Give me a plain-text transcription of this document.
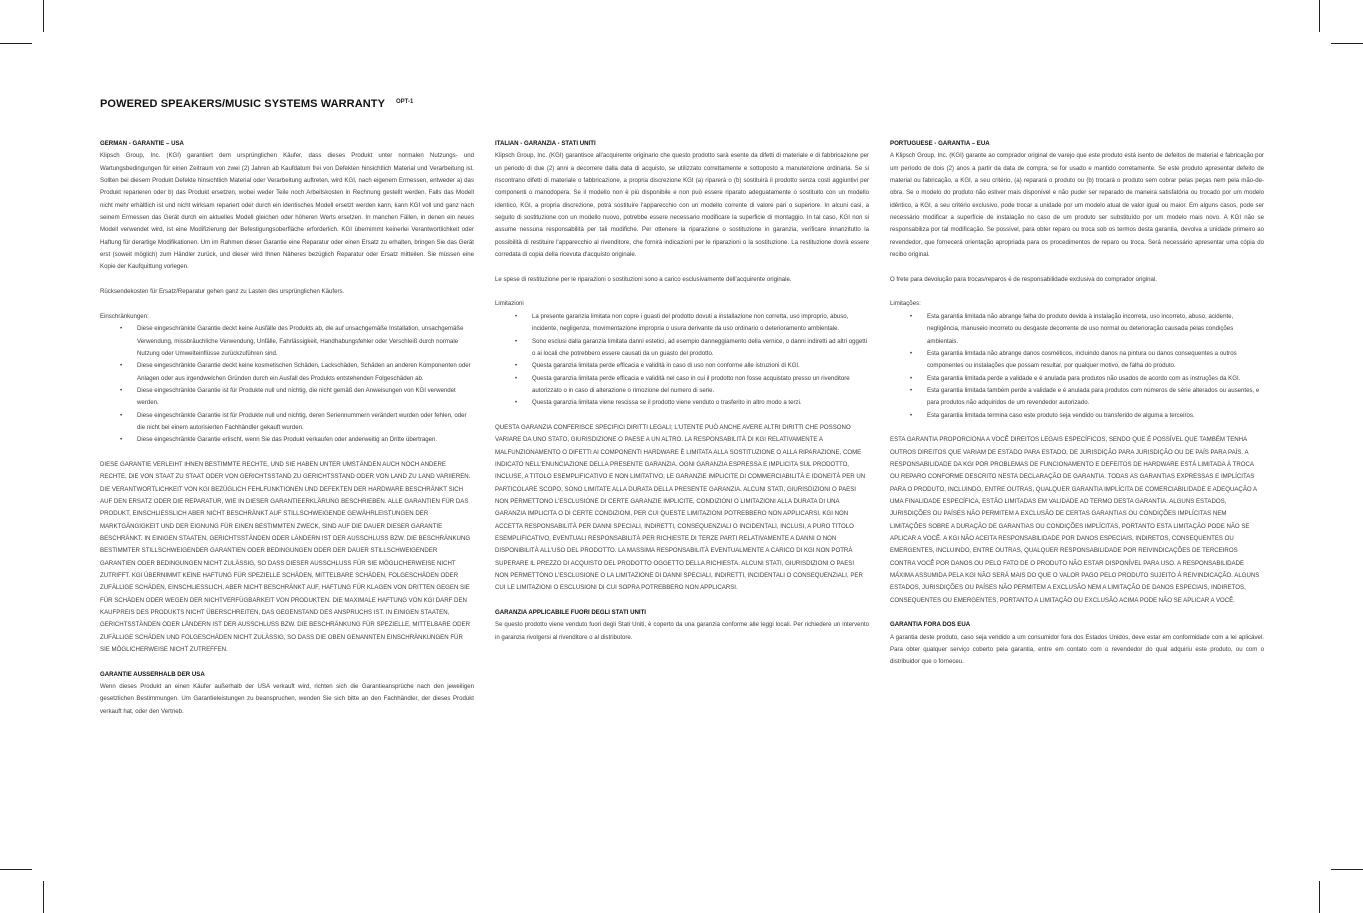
POWERED SPEAKERS/MUSIC SYSTEMS WARRANTY OPT-1
GERMAN - GARANTIE – USA

Klipsch Group, Inc. (KGI) garantiert dem ursprünglichen Käufer, dass dieses Produkt unter normalen Nutzungs- und Wartungsbedingungen für einen Zeitraum von zwei (2) Jahren ab Kaufdatum frei von Defekten hinsichtlich Material und Verarbeitung ist. Sollten bei diesem Produkt Defekte hinsichtlich Material oder Verarbeitung auftreten, wird KGI, nach eigenem Ermessen, entweder a) das Produkt reparieren oder b) das Produkt ersetzen, wobei weder Teile noch Arbeitskosten in Rechnung gestellt werden. Falls das Modell nicht mehr erhältlich ist und nicht wirksam repariert oder durch ein identisches Modell ersetzt werden kann, kann KGI voll und ganz nach seinem Ermessen das Gerät durch ein aktuelles Modell gleichen oder höheren Werts ersetzen. In manchen Fällen, in denen ein neues Modell verwendet wird, ist eine Modifizierung der Befestigungsoberfläche erforderlich. KGI übernimmt keinerlei Verantwortlichkeit oder Haftung für derartige Modifikationen. Um im Rahmen dieser Garantie eine Reparatur oder einen Ersatz zu erhalten, bringen Sie das Gerät erst (soweit möglich) zum Händler zurück, und dieser wird Ihnen Näheres bezüglich Reparatur oder Ersatz mitteilen. Sie müssen eine Kopie der Kaufquittung vorlegen.

Rücksendekosten für Ersatz/Reparatur gehen ganz zu Lasten des ursprünglichen Käufers.

Einschränkungen:

• Diese eingeschränkte Garantie deckt keine Ausfälle des Produkts ab, die auf unsachgemäße Installation, unsachgemäße Verwendung, missbräuchliche Verwendung, Unfälle, Fahrlässigkeit, Handhabungsfehler oder Verschleiß durch normale Nutzung oder Umwelteinflüsse zurückzuführen sind.
• Diese eingeschränkte Garantie deckt keine kosmetischen Schäden, Lackschäden, Schäden an anderen Komponenten oder Anlagen oder aus irgendwelchen Gründen durch ein Ausfall des Produkts entstehenden Folgeschäden ab.
• Diese eingeschränkte Garantie ist für Produkte null und nichtig, die nicht gemäß den Anweisungen von KGI verwendet werden.
• Diese eingeschränkte Garantie ist für Produkte null und nichtig, deren Seriennummern verändert wurden oder fehlen, oder die nicht bei einem autorisierten Fachhändler gekauft wurden.
• Diese eingeschränkte Garantie erlischt, wenn Sie das Produkt verkaufen oder anderweitig an Dritte übertragen.

DIESE GARANTIE VERLEIHT IHNEN BESTIMMTE RECHTE, UND SIE HABEN UNTER UMSTÄNDEN AUCH NOCH ANDERE RECHTE, DIE VON STAAT ZU STAAT ODER VON GERICHTSSTAND ZU GERICHTSSTAND ODER VON LAND ZU LAND VARIIEREN. DIE VERANTWORTLICHKEIT VON KGI BEZÜGLICH FEHLFUNKTIONEN UND DEFEKTEN DER HARDWARE BESCHRÄNKT SICH AUF DEN ERSATZ ODER DIE REPARATUR, WIE IN DIESER GARANTIEERKLÄRUNG BESCHRIEBEN. ALLE GARANTIEN FÜR DAS PRODUKT, EINSCHLIESSLICH ABER NICHT BESCHRÄNKT AUF STILLSCHWEIGENDE GEWÄHRLEISTUNGEN DER MARKTGÄNGIGKEIT UND DER EIGNUNG FÜR EINEN BESTIMMTEN ZWECK, SIND AUF DIE DAUER DIESER GARANTIE BESCHRÄNKT. IN EINIGEN STAATEN, GERICHTSSTÄNDEN ODER LÄNDERN IST DER AUSSCHLUSS BZW. DIE BESCHRÄNKUNG BESTIMMTER STILLSCHWEIGENDER GARANTIEN ODER BEDINGUNGEN ODER DER DAUER STILLSCHWEIGENDER GARANTIEN ODER BEDINGUNGEN NICHT ZULÄSSIG, SO DASS DIESER AUSSCHLUSS FÜR SIE MÖGLICHERWEISE NICHT ZUTRIFFT. KGI ÜBERNIMMT KEINE HAFTUNG FÜR SPEZIELLE SCHÄDEN, MITTELBARE SCHÄDEN, FOLGESCHÄDEN ODER ZUFÄLLIGE SCHÄDEN, EINSCHLIESSLICH, ABER NICHT BESCHRÄNKT AUF, HAFTUNG FÜR KLAGEN VON DRITTEN GEGEN SIE FÜR SCHÄDEN ODER WEGEN DER NICHTVERFÜGBARKEIT VON PRODUKTEN. DIE MAXIMALE HAFTUNG VON KGI DARF DEN KAUFPREIS DES PRODUKTS NICHT ÜBERSCHREITEN, DAS GEGENSTAND DES ANSPRUCHS IST. IN EINIGEN STAATEN, GERICHTSSTÄNDEN ODER LÄNDERN IST DER AUSSCHLUSS BZW. DIE BESCHRÄNKUNG FÜR SPEZIELLE, MITTELBARE ODER ZUFÄLLIGE SCHÄDEN UND FOLGESCHÄDEN NICHT ZULÄSSIG, SO DASS DIE OBEN GENANNTEN EINSCHRÄNKUNGEN FÜR SIE MÖGLICHERWEISE NICHT ZUTREFFEN.

GARANTIE AUSSERHALB DER USA

Wenn dieses Produkt an einen Käufer außerhalb der USA verkauft wird, richten sich die Garantieansprüche nach den jeweiligen gesetzlichen Bestimmungen. Um Garantieleistungen zu beanspruchen, wenden Sie sich bitte an den Fachhändler, der dieses Produkt verkauft hat, oder den Vertrieb.

ITALIAN - GARANZIA - STATI UNITI

Klipsch Group, Inc. (KGI) garantisce all'acquirente originario che questo prodotto sarà esente da difetti di materiale e di fabbricazione per un periodo di due (2) anni a decorrere dalla data di acquisto, se utilizzato correttamente e sottoposto a manutenzione ordinaria. Se si riscontrano difetti di materiale o fabbricazione, a propria discrezione KGI (a) riparerà o (b) sostituirà il prodotto senza costi aggiuntivi per componenti o manodopera. Se il modello non è più disponibile e non può essere riparato adeguatamente o sostituito con un modello identico, KGI, a propria discrezione, potrà sostituire l'apparecchio con un modello corrente di valore pari o superiore. In alcuni casi, a seguito di sostituzione con un modello nuovo, potrebbe essere necessario modificare la superficie di montaggio. In tal caso, KGI non si assume nessuna responsabilità per tali modifiche. Per ottenere la riparazione o sostituzione in garanzia, verificare innanzitutto la possibilità di restituire l'apparecchio al rivenditore, che fornirà indicazioni per le riparazioni o la sostituzione. La restituzione dovrà essere corredata di copia della ricevuta d'acquisto originale.

Le spese di restituzione per le riparazioni o sostituzioni sono a carico esclusivamente dell'acquirente originale.

Limitazioni

• La presente garanzia limitata non copre i guasti del prodotto dovuti a installazione non corretta, uso improprio, abuso, incidente, negligenza, movimentazione impropria o usura derivante da uso ordinario o deterioramento ambientale.
• Sono esclusi dalla garanzia limitata danni estetici, ad esempio danneggiamento della vernice, o danni indiretti ad altri oggetti o ai locali che potrebbero essere causati da un guasto del prodotto.
• Questa garanzia limitata perde efficacia e validità in caso di uso non conforme alle istruzioni di KGI.
• Questa garanzia limitata perde efficacia e validità nel caso in cui il prodotto non fosse acquistato presso un rivenditore autorizzato o in caso di alterazione o rimozione del numero di serie.
• Questa garanzia limitata viene rescissa se il prodotto viene venduto o trasferito in altro modo a terzi.

QUESTA GARANZIA CONFERISCE SPECIFICI DIRITTI LEGALI; L'UTENTE PUÒ ANCHE AVERE ALTRI DIRITTI CHE POSSONO VARIARE DA UNO STATO, GIURISDIZIONE O PAESE A UN ALTRO. LA RESPONSABILITÀ DI KGI RELATIVAMENTE A MALFUNZIONAMENTO O DIFETTI AI COMPONENTI HARDWARE È LIMITATA ALLA SOSTITUZIONE O ALLA RIPARAZIONE, COME INDICATO NELL'ENUNCIAZIONE DELLA PRESENTE GARANZIA. OGNI GARANZIA ESPRESSA E IMPLICITA SUL PRODOTTO, INCLUSE, A TITOLO ESEMPLIFICATIVO E NON LIMITATIVO, LE GARANZIE IMPLICITE DI COMMERCIABILITÀ E IDONEITÀ PER UN PARTICOLARE SCOPO, SONO LIMITATE ALLA DURATA DELLA PRESENTE GARANZIA. ALCUNI STATI, GIURISDIZIONI O PAESI NON PERMETTONO L'ESCLUSIONE DI CERTE GARANZIE IMPLICITE, CONDIZIONI O LIMITAZIONI ALLA DURATA DI UNA GARANZIA IMPLICITA O DI CERTE CONDIZIONI, PER CUI QUESTE LIMITAZIONI POTREBBERO NON APPLICARSI. KGI NON ACCETTA RESPONSABILITÀ PER DANNI SPECIALI, INDIRETTI, CONSEQUENZIALI O INCIDENTALI, INCLUSI, A PURO TITOLO ESEMPLIFICATIVO, EVENTUALI RESPONSABILITÀ PER RICHIESTE DI TERZE PARTI RELATIVAMENTE A DANNI O NON DISPONIBILITÀ ALL'USO DEL PRODOTTO. LA MASSIMA RESPONSABILITÀ EVENTUALMENTE A CARICO DI KGI NON POTRÀ SUPERARE IL PREZZO DI ACQUISTO DEL PRODOTTO OGGETTO DELLA RICHIESTA. ALCUNI STATI, GIURISDIZIONI O PAESI NON PERMETTONO L'ESCLUSIONE O LA LIMITAZIONE DI DANNI SPECIALI, INDIRETTI, INCIDENTALI O CONSEQUENZIALI, PER CUI LE LIMITAZIONI O ESCLUSIONI DI CUI SOPRA POTREBBERO NON APPLICARSI.

GARANZIA APPLICABILE FUORI DEGLI STATI UNITI

Se questo prodotto viene venduto fuori degli Stati Uniti, è coperto da una garanzia conforme alle leggi locali. Per richiedere un intervento in garanzia rivolgersi al rivenditore o al distributore.

PORTUGUESE - GARANTIA – EUA

A Klipsch Group, Inc. (KGI) garante ao comprador original de varejo que este produto está isento de defeitos de material e fabricação por um período de dois (2) anos a partir da data de compra, se for usado e mantido corretamente. Se este produto apresentar defeito de material ou fabricação, a KGI, a seu critério, (a) reparará o produto ou (b) trocará o produto sem cobrar pelas peças nem pela mão-de-obra. Se o modelo do produto não estiver mais disponível e não puder ser reparado de maneira satisfatória ou trocado por um modelo idêntico, a KGI, a seu critério exclusivo, pode trocar a unidade por um modelo atual de valor igual ou maior. Em alguns casos, pode ser necessário modificar a superfície de instalação no caso de um produto ser substituído por um modelo mais novo. A KGI não se responsabiliza por tal modificação. Se possível, para obter reparo ou troca sob os termos desta garantia, devolva a unidade primeiro ao revendedor, que fornecerá orientação apropriada para os procedimentos de reparo ou troca. Será necessário apresentar uma cópia do recibo original.

O frete para devolução para trocas/reparos é de responsabilidade exclusiva do comprador original.

Limitações:

• Esta garantia limitada não abrange falha do produto devida à instalação incorreta, uso incorreto, abuso, acidente, negligência, manuseio incorreto ou desgaste decorrente de uso normal ou deterioração causada pelas condições ambientais.
• Esta garantia limitada não abrange danos cosméticos, incluindo danos na pintura ou danos consequentes a outros componentes ou instalações que possam resultar, por qualquer motivo, de falha do produto.
• Esta garantia limitada perde a validade e é anulada para produtos não usados de acordo com as instruções da KGI.
• Esta garantia limitada também perde a validade e é anulada para produtos com números de série alterados ou ausentes, e para produtos não adquiridos de um revendedor autorizado.
• Esta garantia limitada termina caso este produto seja vendido ou transferido de alguma a terceiros.

ESTA GARANTIA PROPORCIONA A VOCÊ DIREITOS LEGAIS ESPECÍFICOS, SENDO QUE É POSSÍVEL QUE TAMBÉM TENHA OUTROS DIREITOS QUE VARIAM DE ESTADO PARA ESTADO, DE JURISDIÇÃO PARA JURISDIÇÃO OU DE PAÍS PARA PAÍS. A RESPONSABILIDADE DA KGI POR PROBLEMAS DE FUNCIONAMENTO E DEFEITOS DE HARDWARE ESTÁ LIMITADA À TROCA OU REPARO CONFORME DESCRITO NESTA DECLARAÇÃO DE GARANTIA. TODAS AS GARANTIAS EXPRESSAS E IMPLÍCITAS PARA O PRODUTO, INCLUINDO, ENTRE OUTRAS, QUALQUER GARANTIA IMPLÍCITA DE COMERCIABILIDADE E ADEQUAÇÃO A UMA FINALIDADE ESPECÍFICA, ESTÃO LIMITADAS EM VALIDADE AO TERMO DESTA GARANTIA. ALGUNS ESTADOS, JURISDIÇÕES OU PAÍSES NÃO PERMITEM A EXCLUSÃO DE CERTAS GARANTIAS OU CONDIÇÕES IMPLÍCITAS NEM LIMITAÇÕES SOBRE A DURAÇÃO DE GARANTIAS OU CONDIÇÕES IMPLÍCITAS, PORTANTO ESTA LIMITAÇÃO PODE NÃO SE APLICAR A VOCÊ. A KGI NÃO ACEITA RESPONSABILIDADE POR DANOS ESPECIAIS, INDIRETOS, CONSEQUENTES OU EMERGENTES, INCLUINDO, ENTRE OUTRAS, QUALQUER RESPONSABILIDADE POR REIVINDICAÇÕES DE TERCEIROS CONTRA VOCÊ POR DANOS OU PELO FATO DE O PRODUTO NÃO ESTAR DISPONÍVEL PARA USO. A RESPONSABILIDADE MÁXIMA ASSUMIDA PELA KGI NÃO SERÁ MAIS DO QUE O VALOR PAGO PELO PRODUTO SUJEITO À REIVINDICAÇÃO. ALGUNS ESTADOS, JURISDIÇÕES OU PAÍSES NÃO PERMITEM A EXCLUSÃO NEM A LIMITAÇÃO DE DANOS ESPECIAIS, INDIRETOS, CONSEQUENTES OU EMERGENTES, PORTANTO A LIMITAÇÃO OU EXCLUSÃO ACIMA PODE NÃO SE APLICAR A VOCÊ.

GARANTIA FORA DOS EUA

A garantia deste produto, caso seja vendido a um consumidor fora dos Estados Unidos, deve estar em conformidade com a lei aplicável. Para obter qualquer serviço coberto pela garantia, entre em contato com o revendedor do qual adquiriu este produto, ou com o distribuidor que o forneceu.
